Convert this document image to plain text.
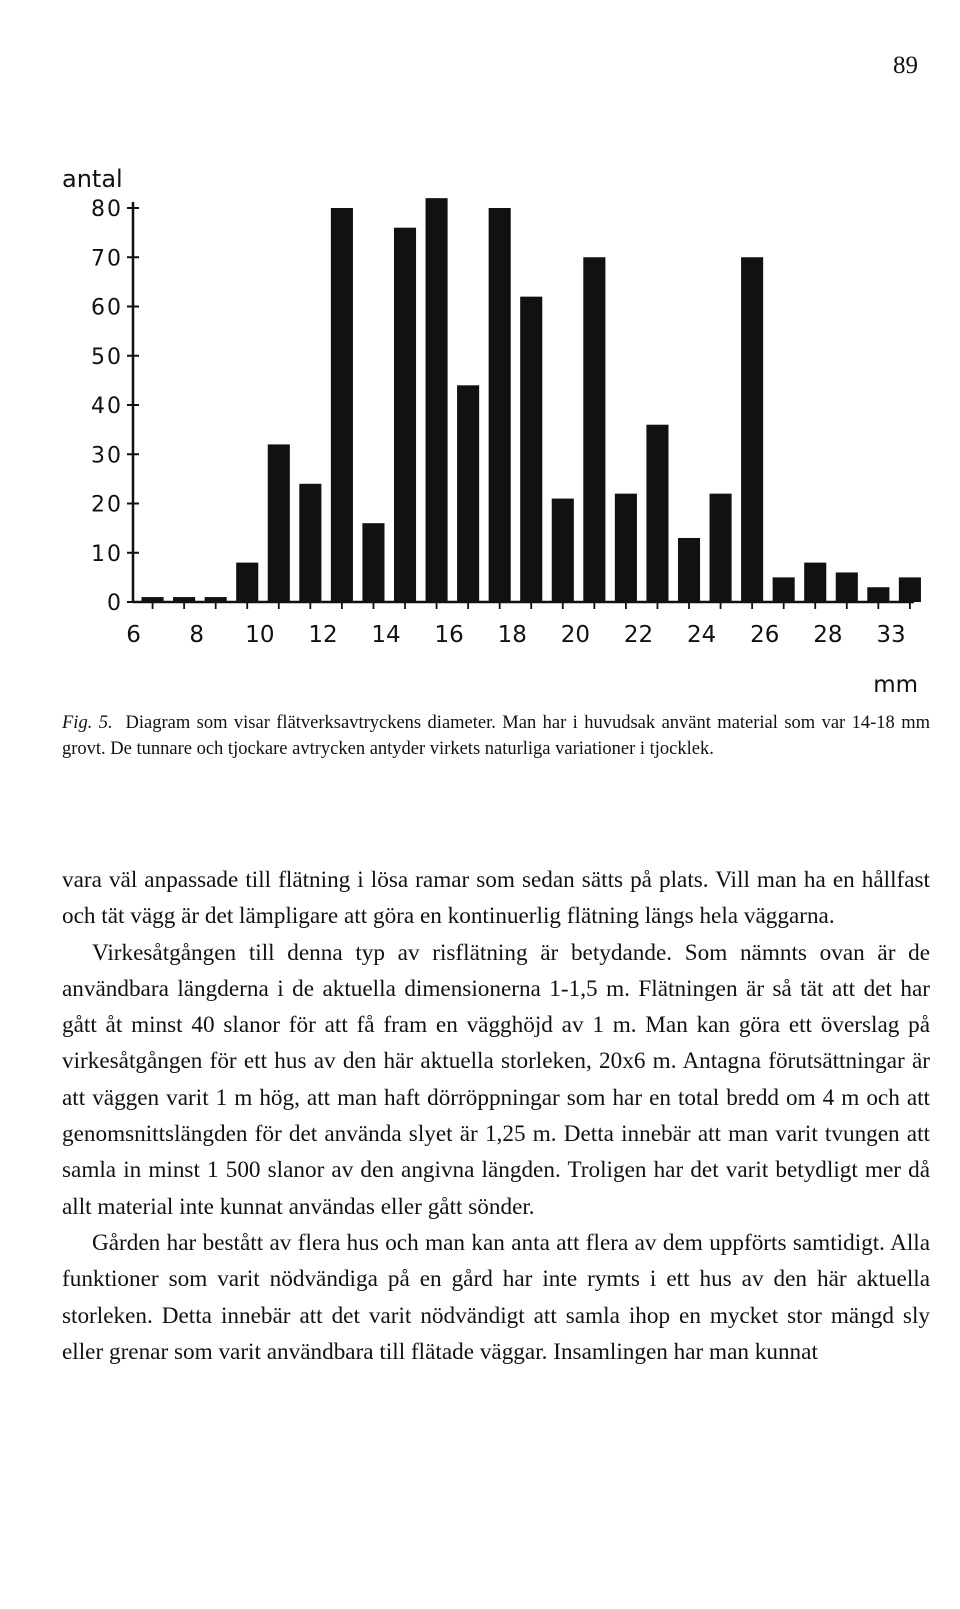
89
antal
mm
0
10
20
30
40
50
60
70
80
6 8 10 12 14 16 18 20 22 24 26 28 33
Fig. 5. Diagram som visar flätverksavtryckens diameter. Man har i huvudsak använt material som var 14-18 mm grovt. De tunnare och tjockare avtrycken antyder virkets naturliga variationer i tjocklek.

vara väl anpassade till flätning i lösa ramar som sedan sätts på plats. Vill man ha en hållfast och tät vägg är det lämpligare att göra en kontinuerlig flätning längs hela väggarna.

Virkesåtgången till denna typ av risflätning är betydande. Som nämnts ovan är de användbara längderna i de aktuella dimensionerna 1-1,5 m. Flätningen är så tät att det har gått åt minst 40 slanor för att få fram en vägghöjd av 1 m. Man kan göra ett överslag på virkesåtgången för ett hus av den här aktuella storleken, 20x6 m. Antagna förutsättningar är att väggen varit 1 m hög, att man haft dörröppningar som har en total bredd om 4 m och att genomsnittslängden för det använda slyet är 1,25 m. Detta innebär att man varit tvungen att samla in minst 1 500 slanor av den angivna längden. Troligen har det varit betydligt mer då allt material inte kunnat användas eller gått sönder.

Gården har bestått av flera hus och man kan anta att flera av dem uppförts samtidigt. Alla funktioner som varit nödvändiga på en gård har inte rymts i ett hus av den här aktuella storleken. Detta innebär att det varit nödvändigt att samla ihop en mycket stor mängd sly eller grenar som varit användbara till flätade väggar. Insamlingen har man kunnat
